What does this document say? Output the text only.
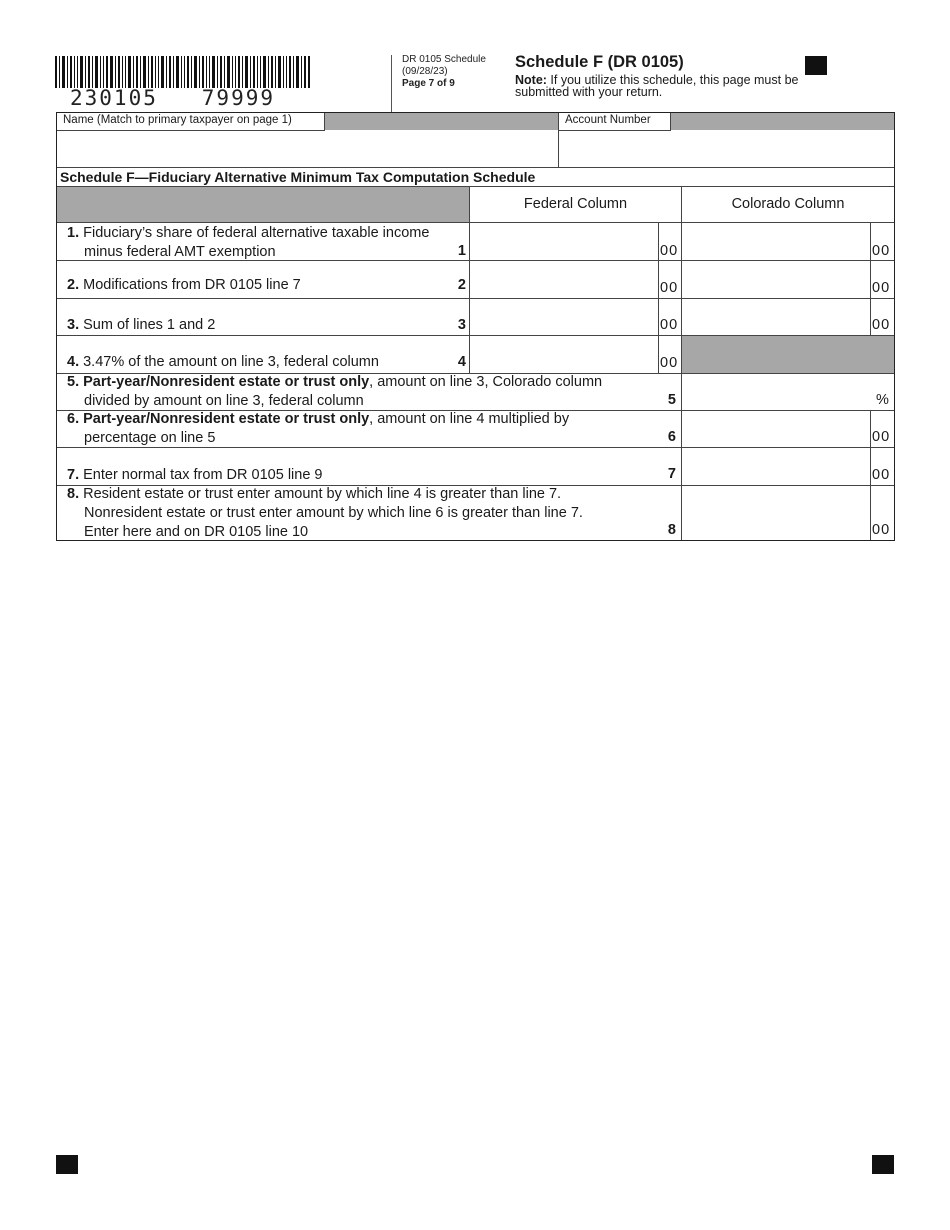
230105   79999
DR 0105 Schedule
(09/28/23)
Page 7 of 9
Schedule F (DR 0105)
Note: If you utilize this schedule, this page must be submitted with your return.
Name (Match to primary taxpayer on page 1)	Account Number
Schedule F—Fiduciary Alternative Minimum Tax Computation Schedule
Federal Column	Colorado Column
1. Fiduciary’s share of federal alternative taxable income
minus federal AMT exemption	1	00	00
2. Modifications from DR 0105 line 7	2	00	00
3. Sum of lines 1 and 2	3	00	00
4. 3.47% of the amount on line 3, federal column	4	00
5. Part-year/Nonresident estate or trust only, amount on line 3, Colorado column
divided by amount on line 3, federal column	5	%
6. Part-year/Nonresident estate or trust only, amount on line 4 multiplied by
percentage on line 5	6	00
7. Enter normal tax from DR 0105 line 9	7	00
8. Resident estate or trust enter amount by which line 4 is greater than line 7.
Nonresident estate or trust enter amount by which line 6 is greater than line 7.
Enter here and on DR 0105 line 10	8	00
